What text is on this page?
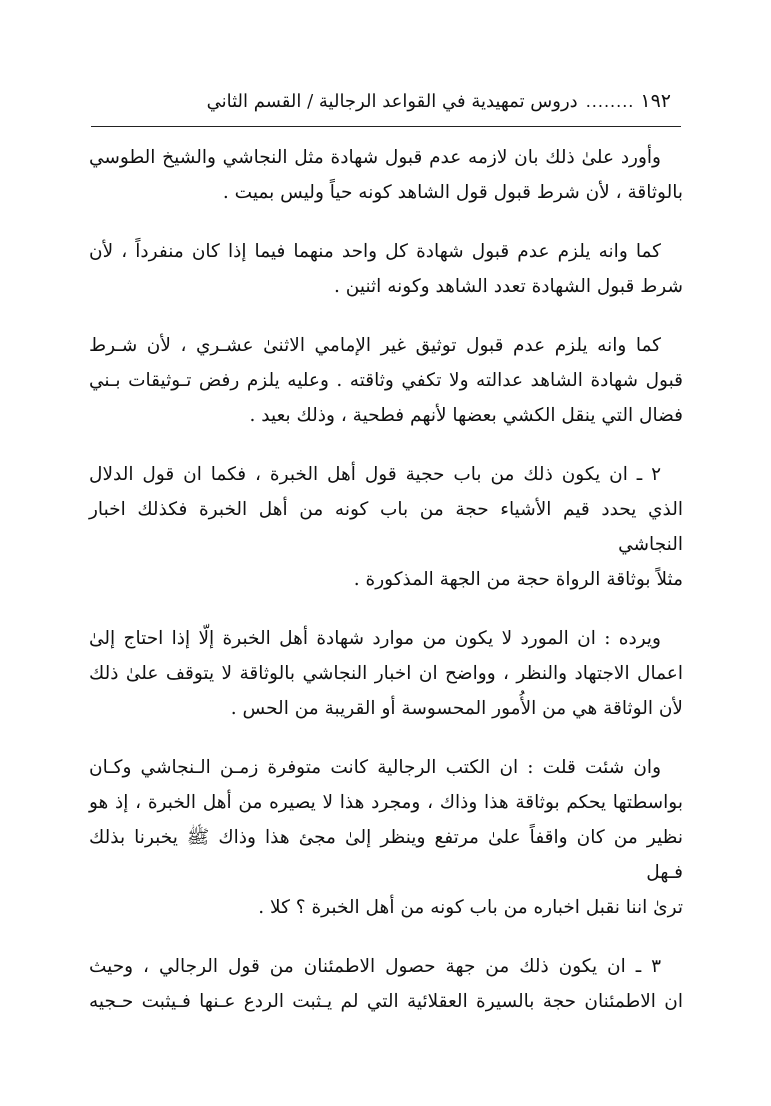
١٩٢
........
دروس تمهيدية في القواعد الرجالية / القسم الثاني

وأورد علىٰ ذلك بان لازمه عدم قبول شهادة مثل النجاشي والشيخ الطوسي
بالوثاقة ، لأن شرط قبول قول الشاهد كونه حياً وليس بميت .

كما وانه يلزم عدم قبول شهادة كل واحد منهما فيما إذا كان منفرداً ، لأن
شرط قبول الشهادة تعدد الشاهد وكونه اثنين .

كما وانه يلزم عدم قبول توثيق غير الإمامي الاثنىٰ عشـري ، لأن شـرط
قبول شهادة الشاهد عدالته ولا تكفي وثاقته . وعليه يلزم رفض تـوثيقات بـني
فضال التي ينقل الكشي بعضها لأنهم فطحية ، وذلك بعيد .

٢ ـ ان يكون ذلك من باب حجية قول أهل الخبرة ، فكما ان قول الدلال
الذي يحدد قيم الأشياء حجة من باب كونه من أهل الخبرة فكذلك اخبار النجاشي
مثلاً بوثاقة الرواة حجة من الجهة المذكورة .

ويرده : ان المورد لا يكون من موارد شهادة أهل الخبرة إلّا إذا احتاج إلىٰ
اعمال الاجتهاد والنظر ، وواضح ان اخبار النجاشي بالوثاقة لا يتوقف علىٰ ذلك
لأن الوثاقة هي من الأُمور المحسوسة أو القريبة من الحس .

وان شئت قلت : ان الكتب الرجالية كانت متوفرة زمـن الـنجاشي وكـان
بواسطتها يحكم بوثاقة هذا وذاك ، ومجرد هذا لا يصيره من أهل الخبرة ، إذ هو
نظير من كان واقفاً علىٰ مرتفع وينظر إلىٰ مجئ هذا وذاك ﷺ يخبرنا بذلك فـهل
ترىٰ اننا نقبل اخباره من باب كونه من أهل الخبرة ؟ كلا .

٣ ـ ان يكون ذلك من جهة حصول الاطمئنان من قول الرجالي ، وحيث
ان الاطمئنان حجة بالسيرة العقلائية التي لم يـثبت الردع عـنها فـيثبت حـجيه
